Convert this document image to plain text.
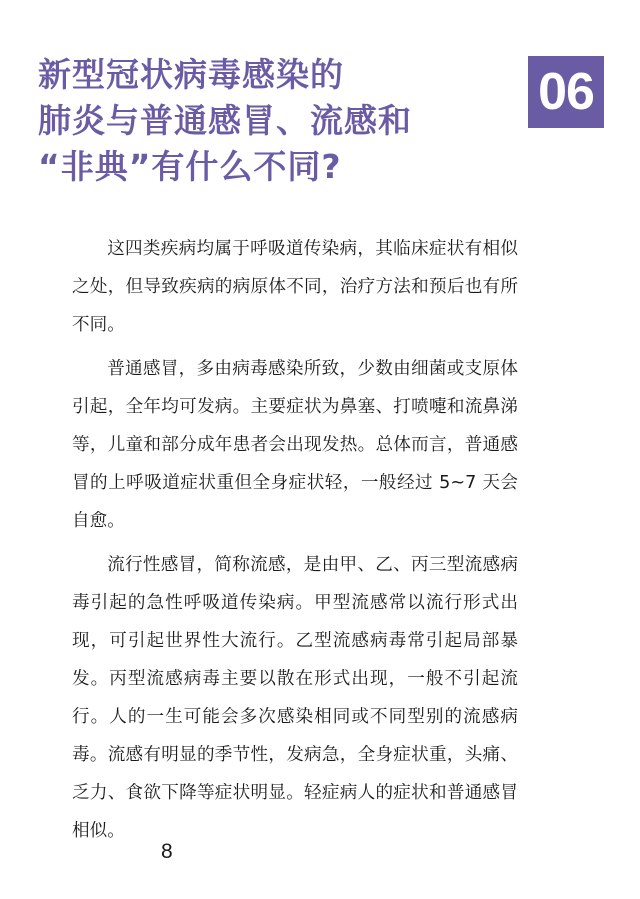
新型冠状病毒感染的
肺炎与普通感冒、流感和
“非典”有什么不同?
06

这四类疾病均属于呼吸道传染病，其临床症状有相似之处，但导致疾病的病原体不同，治疗方法和预后也有所不同。

普通感冒，多由病毒感染所致，少数由细菌或支原体引起，全年均可发病。主要症状为鼻塞、打喷嚏和流鼻涕等，儿童和部分成年患者会出现发热。总体而言，普通感冒的上呼吸道症状重但全身症状轻，一般经过 5~7 天会自愈。

流行性感冒，简称流感，是由甲、乙、丙三型流感病毒引起的急性呼吸道传染病。甲型流感常以流行形式出现，可引起世界性大流行。乙型流感病毒常引起局部暴发。丙型流感病毒主要以散在形式出现，一般不引起流行。人的一生可能会多次感染相同或不同型别的流感病毒。流感有明显的季节性，发病急，全身症状重，头痛、乏力、食欲下降等症状明显。轻症病人的症状和普通感冒相似。

8
